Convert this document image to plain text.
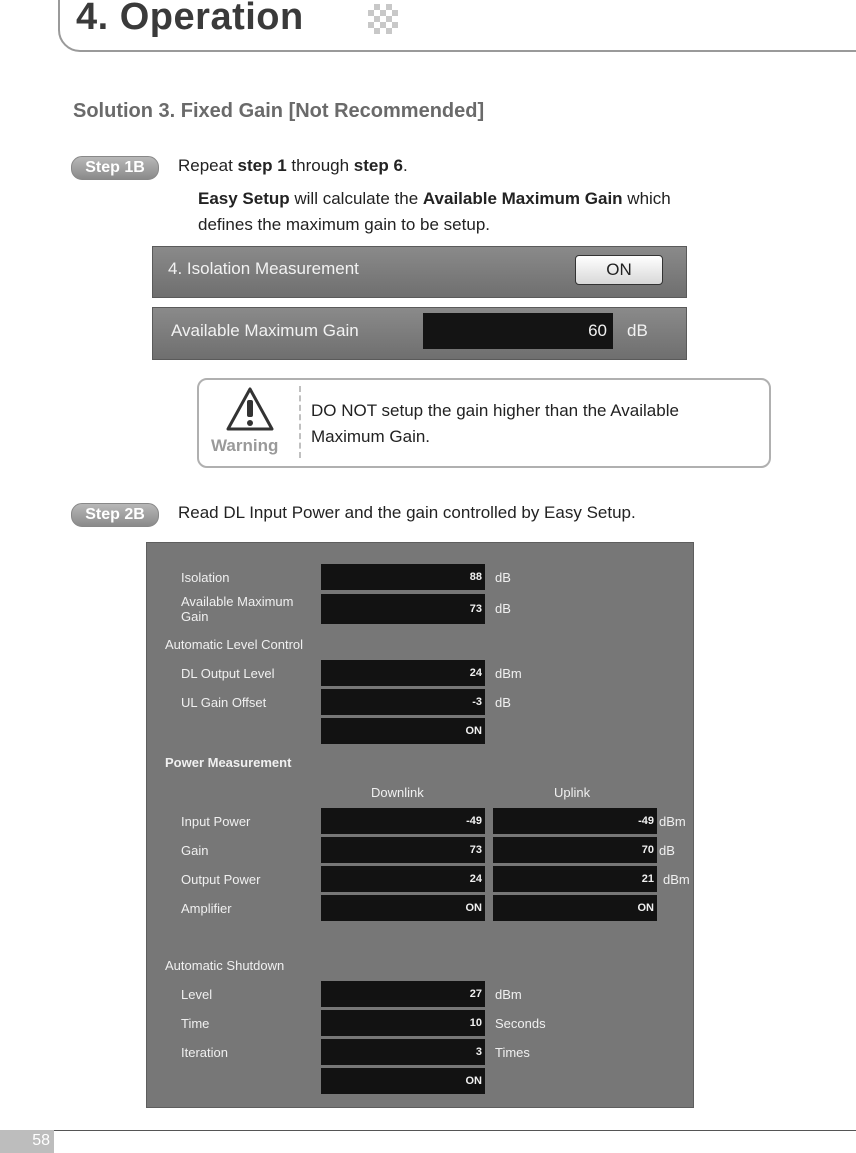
4. Operation
Solution 3. Fixed Gain [Not Recommended]
Step 1B	Repeat step 1 through step 6.
Easy Setup will calculate the Available Maximum Gain which
defines the maximum gain to be setup.
4. Isolation Measurement	ON
Available Maximum Gain	60	dB
Warning
DO NOT setup the gain higher than the Available
Maximum Gain.
Step 2B	Read DL Input Power and the gain controlled by Easy Setup.
Isolation	88 dB
Available Maximum
Gain	73 dB
Automatic Level Control
DL Output Level	24 dBm
UL Gain Offset	-3 dB
ON
Power Measurement
Downlink	Uplink
Input Power	-49	-49 dBm
Gain	73	70 dB
Output Power	24	21 dBm
Amplifier	ON	ON
Automatic Shutdown
Level	27 dBm
Time	10 Seconds
Iteration	3 Times
ON
58
